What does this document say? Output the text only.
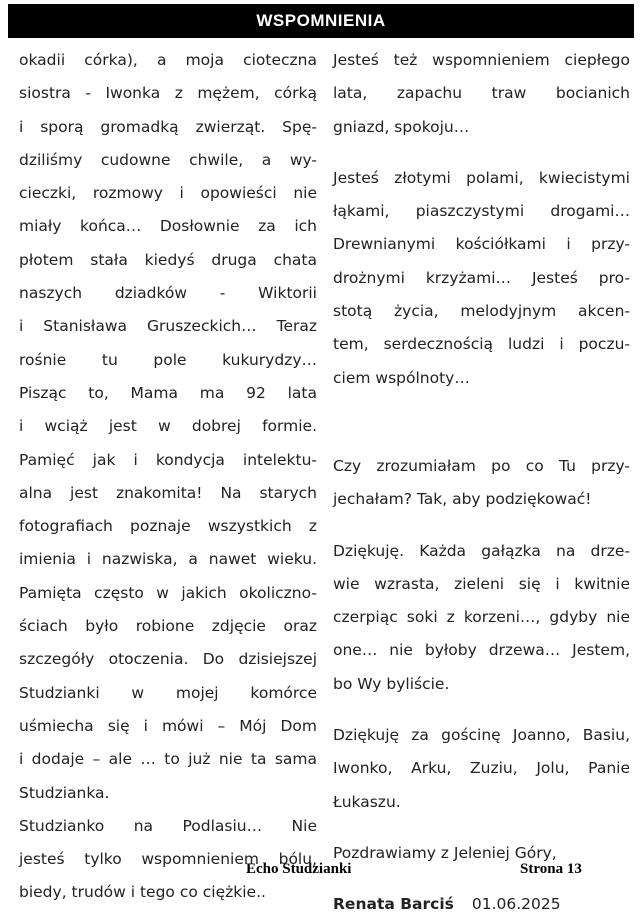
WSPOMNIENIA

okadii córka), a moja cioteczna
siostra - Iwonka z mężem, córką
i sporą gromadką zwierząt. Spę-
dziliśmy cudowne chwile, a wy-
cieczki, rozmowy i opowieści nie
miały końca… Dosłownie za ich
płotem stała kiedyś druga chata
naszych dziadków - Wiktorii
i Stanisława Gruszeckich… Teraz
rośnie tu pole kukurydzy…
Pisząc to, Mama ma 92 lata
i wciąż jest w dobrej formie.
Pamięć jak i kondycja intelektu-
alna jest znakomita! Na starych
fotografiach poznaje wszystkich z
imienia i nazwiska, a nawet wieku.
Pamięta często w jakich okoliczno-
ściach było robione zdjęcie oraz
szczegóły otoczenia. Do dzisiejszej
Studzianki w mojej komórce
uśmiecha się i mówi – Mój Dom
i dodaje – ale … to już nie ta sama
Studzianka.
Studzianko na Podlasiu… Nie
jesteś tylko wspomnieniem bólu,
biedy, trudów i tego co ciężkie..

Jesteś też wspomnieniem ciepłego
lata, zapachu traw bocianich
gniazd, spokoju…

Jesteś złotymi polami, kwiecistymi
łąkami, piaszczystymi drogami…
Drewnianymi kościółkami i przy-
drożnymi krzyżami… Jesteś pro-
stotą życia, melodyjnym akcen-
tem, serdecznością ludzi i poczu-
ciem wspólnoty…

Czy zrozumiałam po co Tu przy-
jechałam? Tak, aby podziękować!

Dziękuję. Każda gałązka na drze-
wie wzrasta, zieleni się i kwitnie
czerpiąc soki z korzeni…, gdyby nie
one… nie byłoby drzewa… Jestem,
bo Wy byliście.

Dziękuję za gościnę Joanno, Basiu,
Iwonko, Arku, Zuziu, Jolu, Panie
Łukaszu.

Pozdrawiamy z Jeleniej Góry,

Renata Barciś 01.06.2025

Echo Studzianki	Strona 13
